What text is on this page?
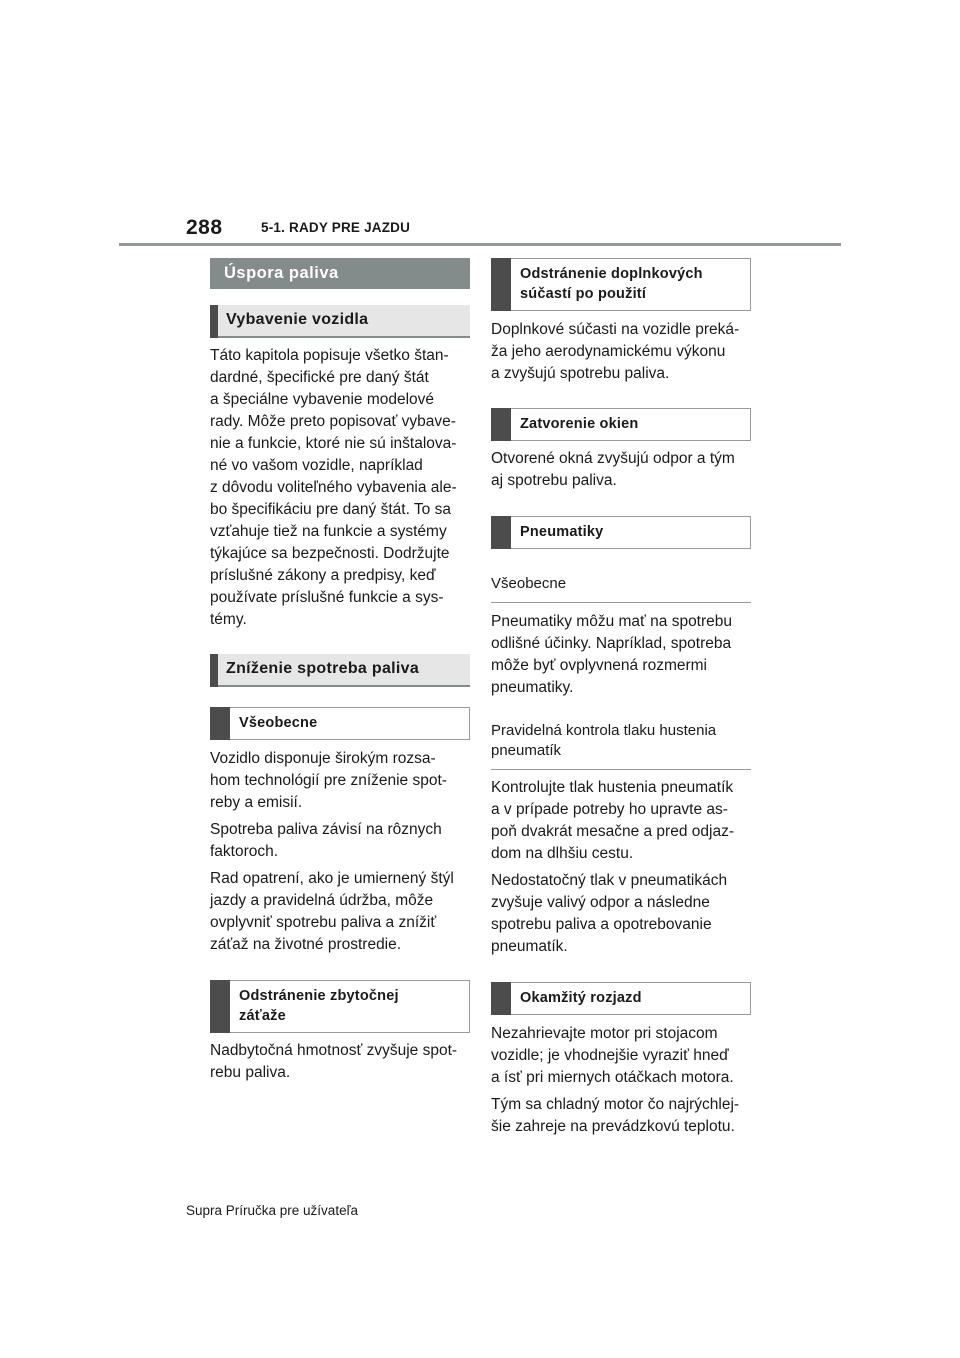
288	5-1. RADY PRE JAZDU
Úspora paliva
Vybavenie vozidla

Táto kapitola popisuje všetko štan-
dardné, špecifické pre daný štát
a špeciálne vybavenie modelové
rady. Môže preto popisovať vybave-
nie a funkcie, ktoré nie sú inštalova-
né vo vašom vozidle, napríklad
z dôvodu voliteľného vybavenia ale-
bo špecifikáciu pre daný štát. To sa
vzťahuje tiež na funkcie a systémy
týkajúce sa bezpečnosti. Dodržujte
príslušné zákony a predpisy, keď
používate príslušné funkcie a sys-
témy.

Zníženie spotreba paliva
Všeobecne

Vozidlo disponuje širokým rozsa-
hom technológií pre zníženie spot-
reby a emisií.

Spotreba paliva závisí na rôznych
faktoroch.

Rad opatrení, ako je umiernený štýl
jazdy a pravidelná údržba, môže
ovplyvniť spotrebu paliva a znížiť
záťaž na životné prostredie.

Odstránenie zbytočnej
záťaže

Nadbytočná hmotnosť zvyšuje spot-
rebu paliva.

Odstránenie doplnkových
súčastí po použití

Doplnkové súčasti na vozidle preká-
ža jeho aerodynamickému výkonu
a zvyšujú spotrebu paliva.

Zatvorenie okien

Otvorené okná zvyšujú odpor a tým
aj spotrebu paliva.

Pneumatiky
Všeobecne

Pneumatiky môžu mať na spotrebu
odlišné účinky. Napríklad, spotreba
môže byť ovplyvnená rozmermi
pneumatiky.

Pravidelná kontrola tlaku hustenia
pneumatík

Kontrolujte tlak hustenia pneumatík
a v prípade potreby ho upravte as-
poň dvakrát mesačne a pred odjaz-
dom na dlhšiu cestu.

Nedostatočný tlak v pneumatikách
zvyšuje valivý odpor a následne
spotrebu paliva a opotrebovanie
pneumatík.

Okamžitý rozjazd

Nezahrievajte motor pri stojacom
vozidle; je vhodnejšie vyraziť hneď
a ísť pri miernych otáčkach motora.

Tým sa chladný motor čo najrýchlej-
šie zahreje na prevádzkovú teplotu.

Supra Príručka pre užívateľa
